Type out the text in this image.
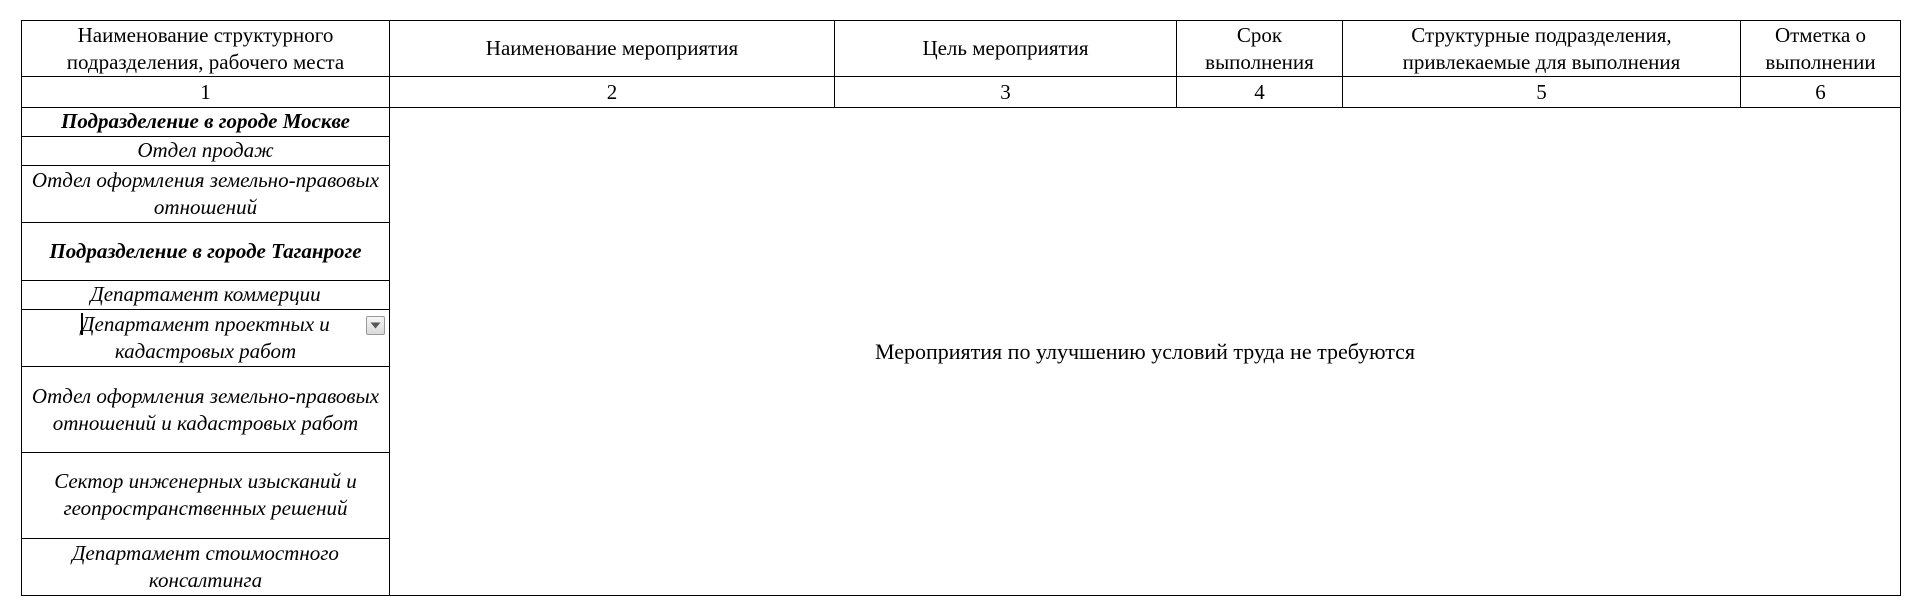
Наименование структурного подразделения, рабочего места	Наименование мероприятия	Цель мероприятия	Срок выполнения	Структурные подразделения, привлекаемые для выполнения	Отметка о выполнении
1	2	3	4	5	6
Подразделение в городе Москве	Мероприятия по улучшению условий труда не требуются				
Отдел продаж					
Отдел оформления земельно-правовых отношений					
Подразделение в городе Таганроге					
Департамент коммерции					
Департамент проектных и кадастровых работ					

Отдел оформления земельно-правовых отношений и кадастровых работ					
Сектор инженерных изысканий и геопространственных решений					
Департамент стоимостного консалтинга					
